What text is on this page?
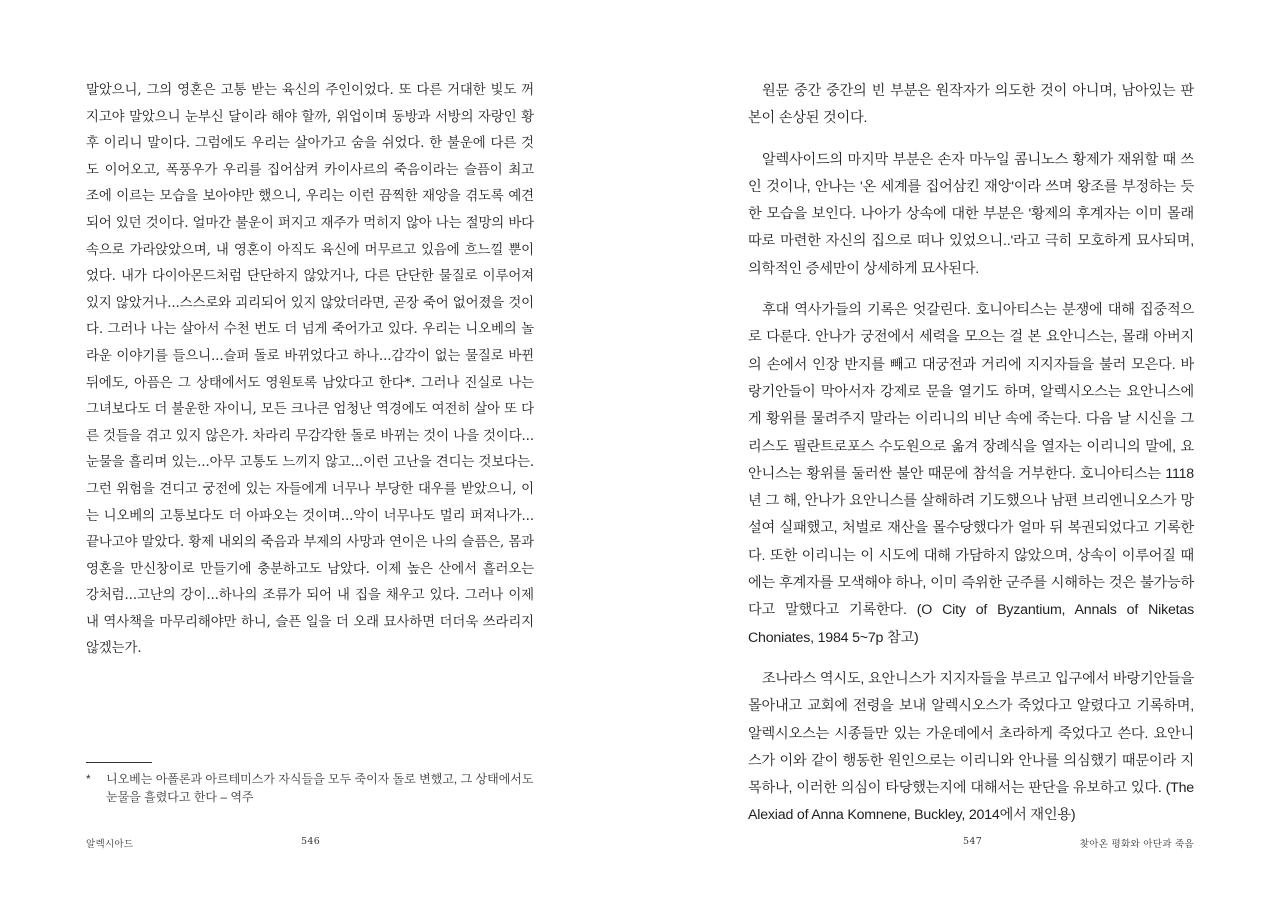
말았으니, 그의 영혼은 고통 받는 육신의 주인이었다. 또 다른 거대한 빛도 꺼지고야 말았으니 눈부신 달이라 해야 할까, 위업이며 동방과 서방의 자랑인 황후 이리니 말이다. 그럼에도 우리는 살아가고 숨을 쉬었다. 한 불운에 다른 것도 이어오고, 폭풍우가 우리를 집어삼켜 카이사르의 죽음이라는 슬픔이 최고조에 이르는 모습을 보아야만 했으니, 우리는 이런 끔찍한 재앙을 겪도록 예견되어 있던 것이다. 얼마간 불운이 퍼지고 재주가 먹히지 않아 나는 절망의 바다 속으로 가라앉았으며, 내 영혼이 아직도 육신에 머무르고 있음에 흐느낄 뿐이었다. 내가 다이아몬드처럼 단단하지 않았거나, 다른 단단한 물질로 이루어져 있지 않았거나...스스로와 괴리되어 있지 않았더라면, 곧장 죽어 없어졌을 것이다. 그러나 나는 살아서 수천 번도 더 넘게 죽어가고 있다. 우리는 니오베의 놀라운 이야기를 들으니...슬퍼 돌로 바뀌었다고 하나...감각이 없는 물질로 바뀐 뒤에도, 아픔은 그 상태에서도 영원토록 남았다고 한다*. 그러나 진실로 나는 그녀보다도 더 불운한 자이니, 모든 크나큰 엄청난 역경에도 여전히 살아 또 다른 것들을 겪고 있지 않은가. 차라리 무감각한 돌로 바뀌는 것이 나을 것이다...눈물을 흘리며 있는...아무 고통도 느끼지 않고...이런 고난을 견디는 것보다는. 그런 위험을 견디고 궁전에 있는 자들에게 너무나 부당한 대우를 받았으니, 이는 니오베의 고통보다도 더 아파오는 것이며...악이 너무나도 멀리 퍼져나가...끝나고야 말았다. 황제 내외의 죽음과 부제의 사망과 연이은 나의 슬픔은, 몸과 영혼을 만신창이로 만들기에 충분하고도 남았다. 이제 높은 산에서 흘러오는 강처럼...고난의 강이...하나의 조류가 되어 내 집을 채우고 있다. 그러나 이제 내 역사책을 마무리해야만 하니, 슬픈 일을 더 오래 묘사하면 더더욱 쓰라리지 않겠는가.

*	니오베는 아폴론과 아르테미스가 자식들을 모두 죽이자 돌로 변했고, 그 상태에서도 눈물을 흘렸다고 한다 – 역주
알렉시아드	546

원문 중간 중간의 빈 부분은 원작자가 의도한 것이 아니며, 남아있는 판본이 손상된 것이다.

알렉사이드의 마지막 부분은 손자 마누일 콤니노스 황제가 재위할 때 쓰인 것이나, 안나는 '온 세계를 집어삼킨 재앙'이라 쓰며 왕조를 부정하는 듯한 모습을 보인다. 나아가 상속에 대한 부분은 '황제의 후계자는 이미 몰래 따로 마련한 자신의 집으로 떠나 있었으니..'라고 극히 모호하게 묘사되며, 의학적인 증세만이 상세하게 묘사된다.

후대 역사가들의 기록은 엇갈린다. 호니아티스는 분쟁에 대해 집중적으로 다룬다. 안나가 궁전에서 세력을 모으는 걸 본 요안니스는, 몰래 아버지의 손에서 인장 반지를 빼고 대궁전과 거리에 지지자들을 불러 모은다. 바랑기안들이 막아서자 강제로 문을 열기도 하며, 알렉시오스는 요안니스에게 황위를 물려주지 말라는 이리니의 비난 속에 죽는다. 다음 날 시신을 그리스도 필란트로포스 수도원으로 옮겨 장례식을 열자는 이리니의 말에, 요안니스는 황위를 둘러싼 불안 때문에 참석을 거부한다. 호니아티스는 1118년 그 해, 안나가 요안니스를 살해하려 기도했으나 남편 브리엔니오스가 망설여 실패했고, 처벌로 재산을 몰수당했다가 얼마 뒤 복권되었다고 기록한다. 또한 이리니는 이 시도에 대해 가담하지 않았으며, 상속이 이루어질 때에는 후계자를 모색해야 하나, 이미 즉위한 군주를 시해하는 것은 불가능하다고 말했다고 기록한다. (O City of Byzantium, Annals of Niketas Choniates, 1984 5~7p 참고)

조나라스 역시도, 요안니스가 지지자들을 부르고 입구에서 바랑기안들을 몰아내고 교회에 전령을 보내 알렉시오스가 죽었다고 알렸다고 기록하며, 알렉시오스는 시종들만 있는 가운데에서 초라하게 죽었다고 쓴다. 요안니스가 이와 같이 행동한 원인으로는 이리니와 안나를 의심했기 때문이라 지목하나, 이러한 의심이 타당했는지에 대해서는 판단을 유보하고 있다. (The Alexiad of Anna Komnene, Buckley, 2014에서 재인용)

547	찾아온 평화와 아단과 죽음
